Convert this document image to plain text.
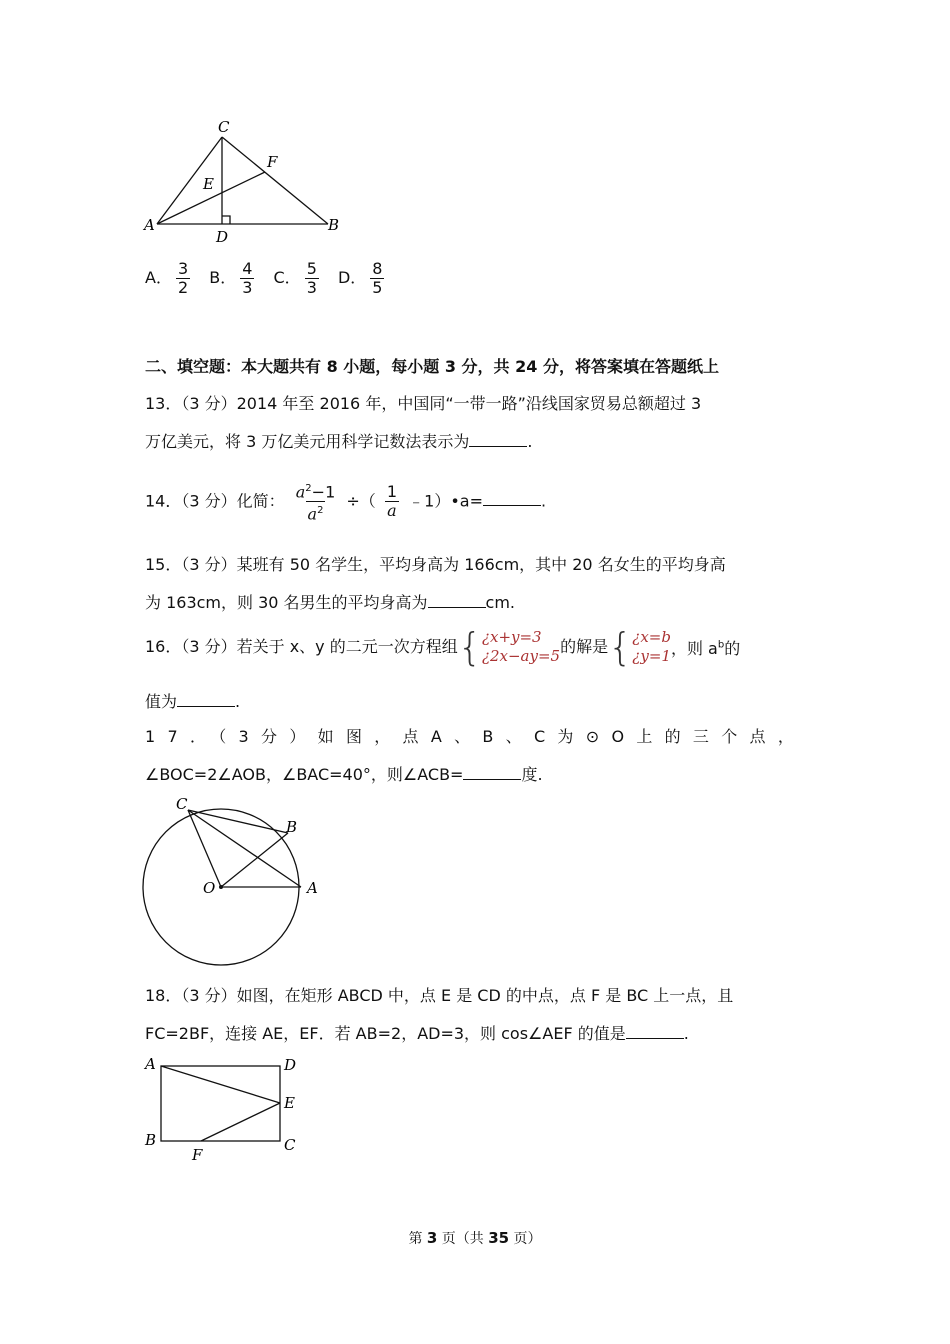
C
F
E
A
D
B
A． $\frac{3}{2}$ B． $\frac{4}{3}$ C． $\frac{5}{3}$ D． $\frac{8}{5}$
二、填空题：本大题共有 8 小题，每小题 3 分，共 24 分，将答案填在答题纸上
13．（3 分）2014 年至 2016 年，中国同“一带一路”沿线国家贸易总额超过 3
万亿美元，将 3 万亿美元用科学记数法表示为	.
14．（3 分）化简： $\frac{a^2-1}{a^2}$ ÷（ $\frac{1}{a}$ ﹣1）•a=	.
15．（3 分）某班有 50 名学生，平均身高为 166cm，其中 20 名女生的平均身高
为 163cm，则 30 名男生的平均身高为	cm.
16．（3 分）若关于 x、y 的二元一次方程组{ ¿x+y=3
¿2x−ay=5 的解是{ ¿x=b
¿y=1 ，则 $a^b$的
值为	.
17．（3分）如图，点A、B、C为⊙O上的三个点，
∠BOC=2∠AOB，∠BAC=40°，则∠ACB=	度.
C
B
O	A
18．（3 分）如图，在矩形 ABCD 中，点 E 是 CD 的中点，点 F 是 BC 上一点，且
FC=2BF，连接 AE，EF．若 AB=2，AD=3，则 cos∠AEF 的值是	.
A	D
E
B
F
C
第 3 页（共 35 页）
